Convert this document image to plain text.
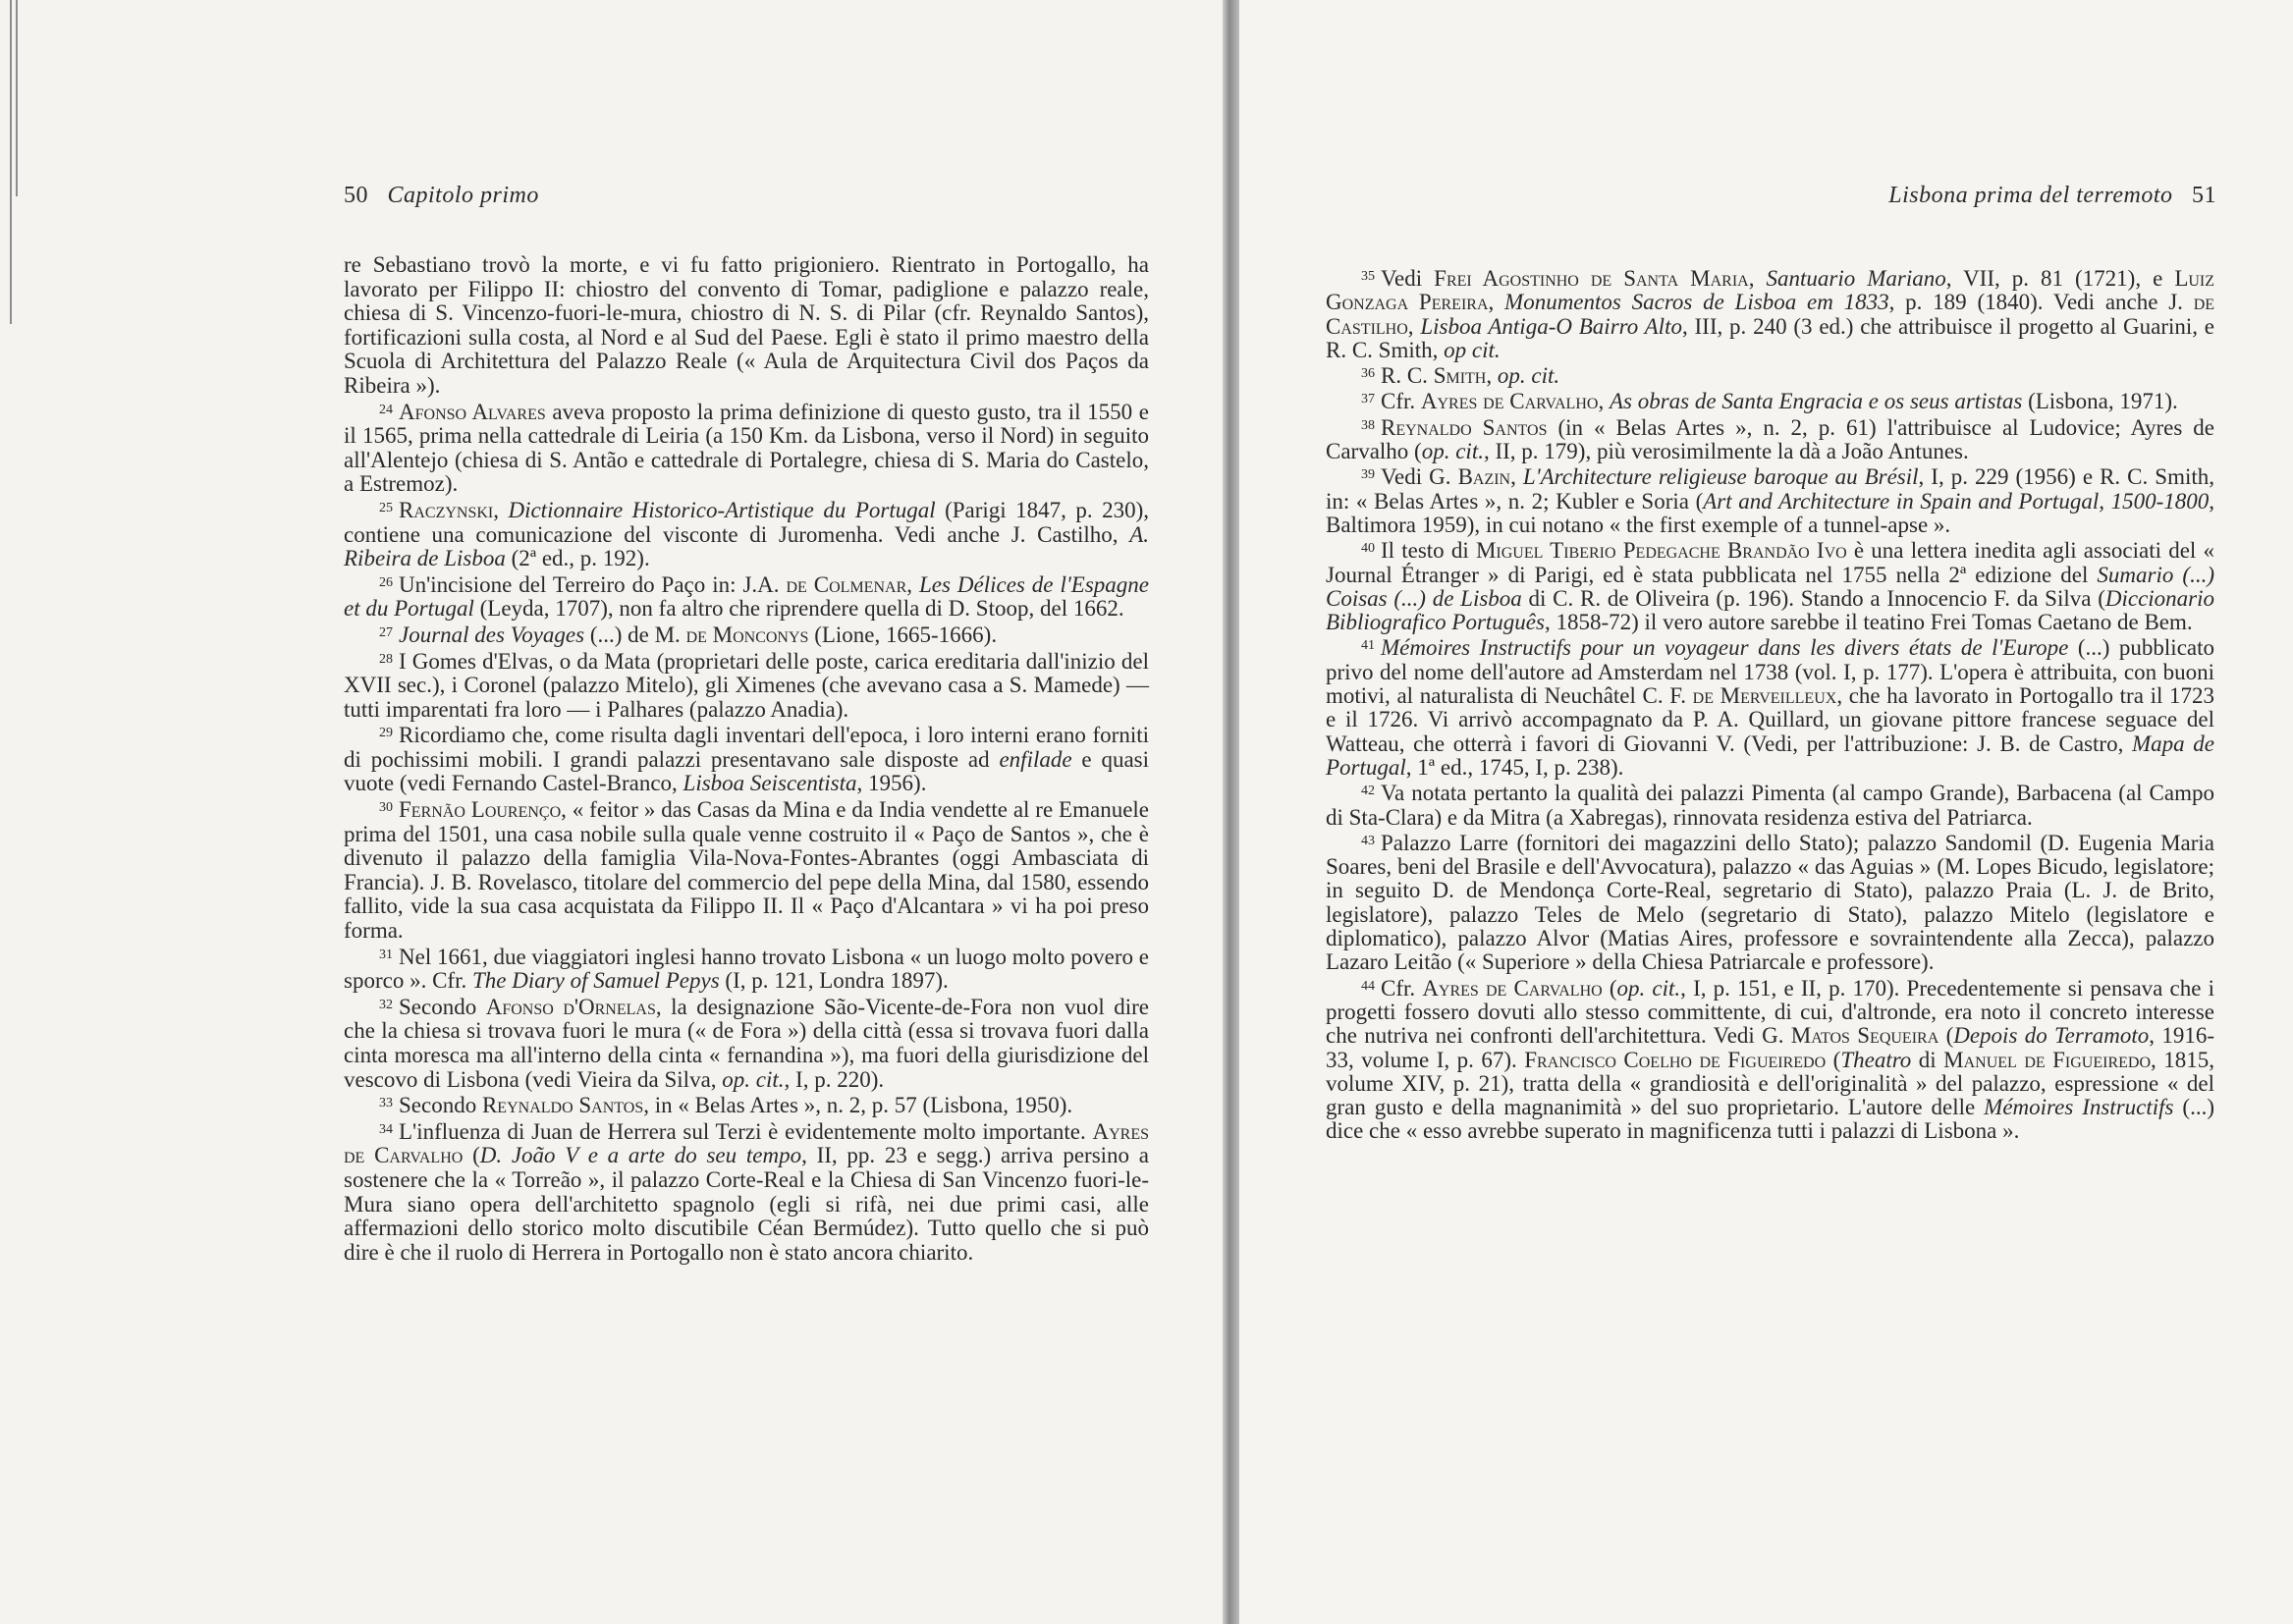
50 Capitolo primo

re Sebastiano trovò la morte, e vi fu fatto prigioniero. Rientrato in Portogallo, ha lavorato per Filippo II: chiostro del convento di Tomar, padiglione e palazzo reale, chiesa di S. Vincenzo-fuori-le-mura, chiostro di N. S. di Pilar (cfr. Reynaldo Santos), fortificazioni sulla costa, al Nord e al Sud del Paese. Egli è stato il primo maestro della Scuola di Architettura del Palazzo Reale (« Aula de Arquitectura Civil dos Paços da Ribeira »).

$^{24}$ Afonso Alvares aveva proposto la prima definizione di questo gusto, tra il 1550 e il 1565, prima nella cattedrale di Leiria (a 150 Km. da Lisbona, verso il Nord) in seguito all'Alentejo (chiesa di S. Antão e cattedrale di Portalegre, chiesa di S. Maria do Castelo, a Estremoz).

$^{25}$ Raczynski, Dictionnaire Historico-Artistique du Portugal (Parigi 1847, p. 230), contiene una comunicazione del visconte di Juromenha. Vedi anche J. Castilho, A. Ribeira de Lisboa (2ª ed., p. 192).

$^{26}$ Un'incisione del Terreiro do Paço in: J.A. de Colmenar, Les Délices de l'Espagne et du Portugal (Leyda, 1707), non fa altro che riprendere quella di D. Stoop, del 1662.

$^{27}$ Journal des Voyages (...) de M. de Monconys (Lione, 1665-1666).

$^{28}$ I Gomes d'Elvas, o da Mata (proprietari delle poste, carica ereditaria dall'inizio del XVII sec.), i Coronel (palazzo Mitelo), gli Ximenes (che avevano casa a S. Mamede) — tutti imparentati fra loro — i Palhares (palazzo Anadia).

$^{29}$ Ricordiamo che, come risulta dagli inventari dell'epoca, i loro interni erano forniti di pochissimi mobili. I grandi palazzi presentavano sale disposte ad enfilade e quasi vuote (vedi Fernando Castel-Branco, Lisboa Seiscentista, 1956).

$^{30}$ Fernão Lourenço, « feitor » das Casas da Mina e da India vendette al re Emanuele prima del 1501, una casa nobile sulla quale venne costruito il « Paço de Santos », che è divenuto il palazzo della famiglia Vila-Nova-Fontes-Abrantes (oggi Ambasciata di Francia). J. B. Rovelasco, titolare del commercio del pepe della Mina, dal 1580, essendo fallito, vide la sua casa acquistata da Filippo II. Il « Paço d'Alcantara » vi ha poi preso forma.

$^{31}$ Nel 1661, due viaggiatori inglesi hanno trovato Lisbona « un luogo molto povero e sporco ». Cfr. The Diary of Samuel Pepys (I, p. 121, Londra 1897).

$^{32}$ Secondo Afonso d'Ornelas, la designazione São-Vicente-de-Fora non vuol dire che la chiesa si trovava fuori le mura (« de Fora ») della città (essa si trovava fuori dalla cinta moresca ma all'interno della cinta « fernandina »), ma fuori della giurisdizione del vescovo di Lisbona (vedi Vieira da Silva, op. cit., I, p. 220).

$^{33}$ Secondo Reynaldo Santos, in « Belas Artes », n. 2, p. 57 (Lisbona, 1950).

$^{34}$ L'influenza di Juan de Herrera sul Terzi è evidentemente molto importante. Ayres de Carvalho (D. João V e a arte do seu tempo, II, pp. 23 e segg.) arriva persino a sostenere che la « Torreão », il palazzo Corte-Real e la Chiesa di San Vincenzo fuori-le-Mura siano opera dell'architetto spagnolo (egli si rifà, nei due primi casi, alle affermazioni dello storico molto discutibile Céan Bermúdez). Tutto quello che si può dire è che il ruolo di Herrera in Portogallo non è stato ancora chiarito.

Lisbona prima del terremoto 51

$^{35}$ Vedi Frei Agostinho de Santa Maria, Santuario Mariano, VII, p. 81 (1721), e Luiz Gonzaga Pereira, Monumentos Sacros de Lisboa em 1833, p. 189 (1840). Vedi anche J. de Castilho, Lisboa Antiga-O Bairro Alto, III, p. 240 (3 ed.) che attribuisce il progetto al Guarini, e R. C. Smith, op cit.

$^{36}$ R. C. Smith, op. cit.

$^{37}$ Cfr. Ayres de Carvalho, As obras de Santa Engracia e os seus artistas (Lisbona, 1971).

$^{38}$ Reynaldo Santos (in « Belas Artes », n. 2, p. 61) l'attribuisce al Ludovice; Ayres de Carvalho (op. cit., II, p. 179), più verosimilmente la dà a João Antunes.

$^{39}$ Vedi G. Bazin, L'Architecture religieuse baroque au Brésil, I, p. 229 (1956) e R. C. Smith, in: « Belas Artes », n. 2; Kubler e Soria (Art and Architecture in Spain and Portugal, 1500-1800, Baltimora 1959), in cui notano « the first exemple of a tunnel-apse ».

$^{40}$ Il testo di Miguel Tiberio Pedegache Brandão Ivo è una lettera inedita agli associati del « Journal Étranger » di Parigi, ed è stata pubblicata nel 1755 nella 2ª edizione del Sumario (...) Coisas (...) de Lisboa di C. R. de Oliveira (p. 196). Stando a Innocencio F. da Silva (Diccionario Bibliografico Português, 1858-72) il vero autore sarebbe il teatino Frei Tomas Caetano de Bem.

$^{41}$ Mémoires Instructifs pour un voyageur dans les divers états de l'Europe (...) pubblicato privo del nome dell'autore ad Amsterdam nel 1738 (vol. I, p. 177). L'opera è attribuita, con buoni motivi, al naturalista di Neuchâtel C. F. de Merveilleux, che ha lavorato in Portogallo tra il 1723 e il 1726. Vi arrivò accompagnato da P. A. Quillard, un giovane pittore francese seguace del Watteau, che otterrà i favori di Giovanni V. (Vedi, per l'attribuzione: J. B. de Castro, Mapa de Portugal, 1ª ed., 1745, I, p. 238).

$^{42}$ Va notata pertanto la qualità dei palazzi Pimenta (al campo Grande), Barbacena (al Campo di Sta-Clara) e da Mitra (a Xabregas), rinnovata residenza estiva del Patriarca.

$^{43}$ Palazzo Larre (fornitori dei magazzini dello Stato); palazzo Sandomil (D. Eugenia Maria Soares, beni del Brasile e dell'Avvocatura), palazzo « das Aguias » (M. Lopes Bicudo, legislatore; in seguito D. de Mendonça Corte-Real, segretario di Stato), palazzo Praia (L. J. de Brito, legislatore), palazzo Teles de Melo (segretario di Stato), palazzo Mitelo (legislatore e diplomatico), palazzo Alvor (Matias Aires, professore e sovraintendente alla Zecca), palazzo Lazaro Leitão (« Superiore » della Chiesa Patriarcale e professore).

$^{44}$ Cfr. Ayres de Carvalho (op. cit., I, p. 151, e II, p. 170). Precedentemente si pensava che i progetti fossero dovuti allo stesso committente, di cui, d'altronde, era noto il concreto interesse che nutriva nei confronti dell'architettura. Vedi G. Matos Sequeira (Depois do Terramoto, 1916-33, volume I, p. 67). Francisco Coelho de Figueiredo (Theatro di Manuel de Figueiredo, 1815, volume XIV, p. 21), tratta della « grandiosità e dell'originalità » del palazzo, espressione « del gran gusto e della magnanimità » del suo proprietario. L'autore delle Mémoires Instructifs (...) dice che « esso avrebbe superato in magnificenza tutti i palazzi di Lisbona ».
